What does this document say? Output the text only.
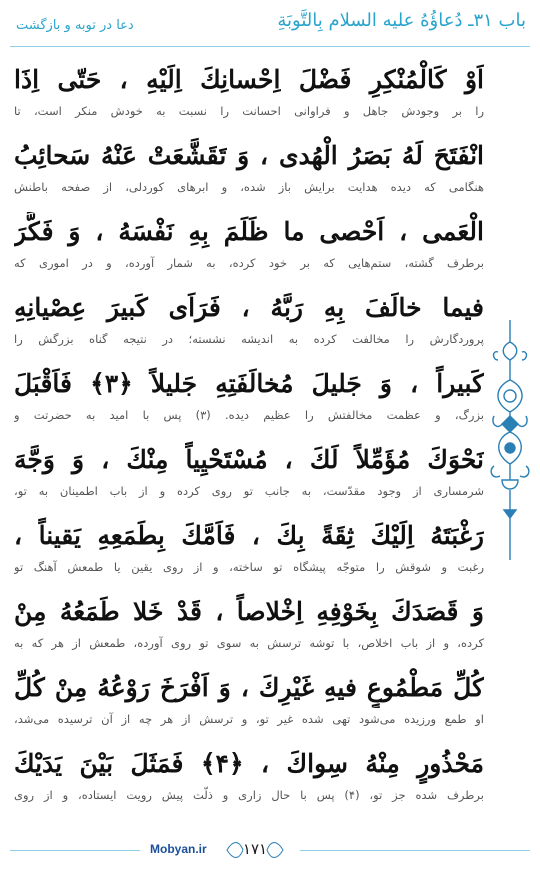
دعا در توبه و بازگشت	باب ۳۱ـ دُعاؤُهُ عليه السلام بِالتَّوبَةِ
اَوْ كَالْمُنْكِرِ فَضْلَ اِحْسانِكَ اِلَيْهِ ، حَتّى اِذَا
را بر وجودش جاهل و فراوانی احسانت را نسبت به خودش منکر است، تا
انْفَتَحَ لَهُ بَصَرُ الْهُدى ، وَ تَقَشَّعَتْ عَنْهُ سَحائِبُ
هنگامی که دیده هدایت برایش باز شده، و ابرهای کوردلی، از صفحه باطنش
الْعَمى ، اَحْصى ما ظَلَمَ بِهِ نَفْسَهُ ، وَ فَكَّرَ
برطرف گشته، ستم‌هایی که بر خود کرده، به شمار آورده، و در اموری که
فيما خالَفَ بِهِ رَبَّهُ ، فَرَاَى كَبيرَ عِصْيانِهِ
پروردگارش را مخالفت کرده به اندیشه نشسته؛ در نتیجه گناه بزرگش را
كَبيراً ، وَ جَليلَ مُخالَفَتِهِ جَليلاً ﴿۳﴾ فَاَقْبَلَ
بزرگ، و عظمت مخالفتش را عظیم دیده. (۳) پس با امید به حضرتت و
نَحْوَكَ مُؤَمِّلاً لَكَ ، مُسْتَحْيِياً مِنْكَ ، وَ وَجَّهَ
شرمساری از وجود مقدّست، به جانب تو روی کرده و از باب اطمینان به تو،
رَغْبَتَهُ اِلَيْكَ ثِقَةً بِكَ ، فَاَمَّكَ بِطَمَعِهِ يَقيناً ،
رغبت و شوقش را متوجّه پیشگاه تو ساخته، و از روی یقین یا طمعش آهنگ تو
وَ قَصَدَكَ بِخَوْفِهِ اِخْلاصاً ، قَدْ خَلا طَمَعُهُ مِنْ
کرده، و از باب اخلاص، با توشه ترسش به سوی تو روی آورده، طمعش از هر که به
كُلِّ مَطْمُوعٍ فيهِ غَيْرِكَ ، وَ اَفْرَخَ رَوْعُهُ مِنْ كُلِّ
او طمع ورزیده می‌شود تهی شده غیر تو، و ترسش از هر چه از آن ترسیده می‌شد،
مَحْذُورٍ مِنْهُ سِواكَ ، ﴿۴﴾ فَمَثَلَ بَيْنَ يَدَيْكَ
برطرف شده جز تو، (۴) پس با حال زاری و ذلّت پیش رویت ایستاده، و از روی
Mobyan.ir	۱۷۱
